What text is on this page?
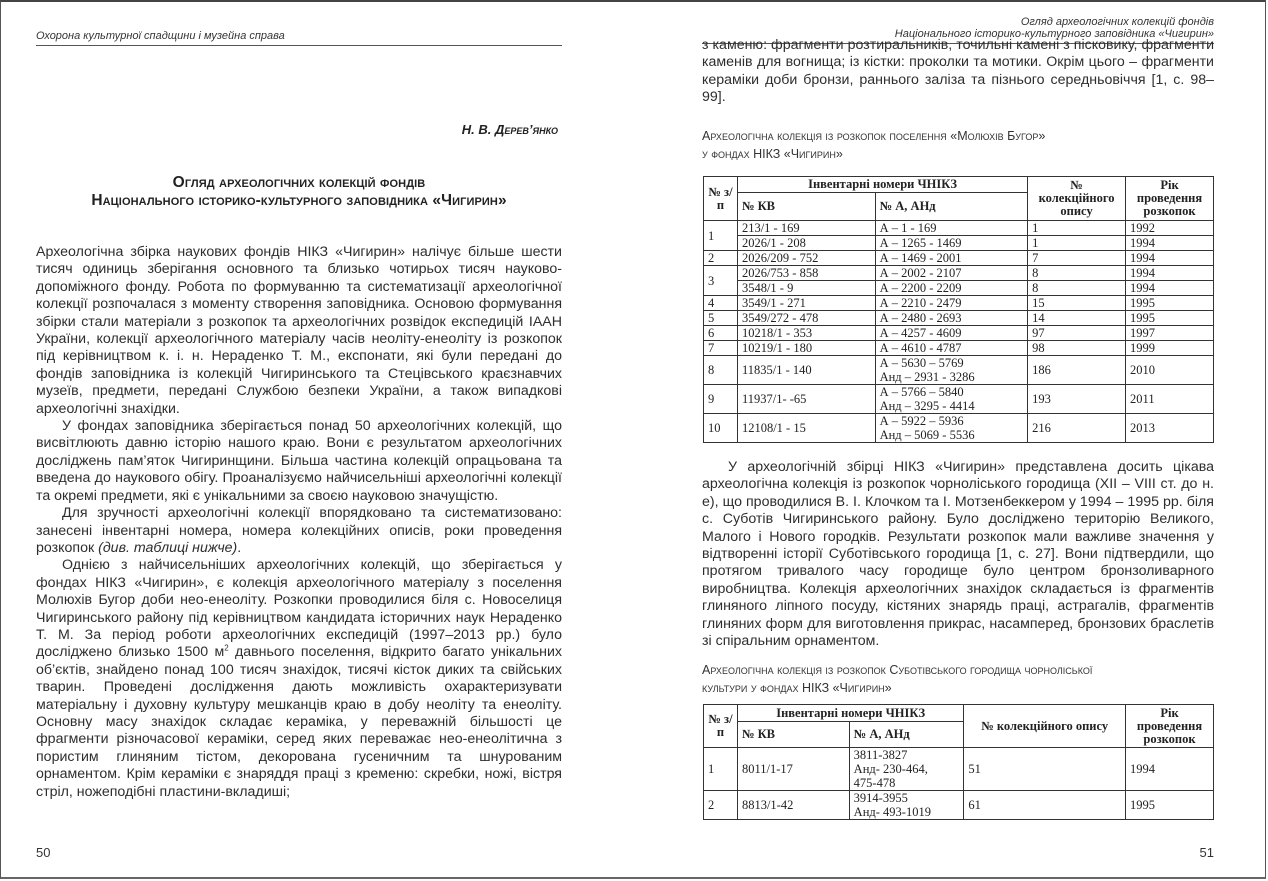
Охорона культурної спадщини і музейна справа
Н. В. Дерев’янко
Огляд археологічних колекцій фондів
Національного історико-культурного заповідника «Чигирин»

Археологічна збірка наукових фондів НІКЗ «Чигирин» налічує більше шести тисяч одиниць зберігання основного та близько чотирьох тисяч науково-допоміжного фонду. Робота по формуванню та систематизації археологічної колекції розпочалася з моменту створення заповідника. Основою формування збірки стали матеріали з розкопок та археологічних розвідок експедицій ІААН України, колекції археологічного матеріалу часів неоліту-енеоліту із розкопок під керівництвом к. і. н. Нераденко Т. М., експонати, які були передані до фондів заповідника із колекцій Чигиринського та Стецівського краєзнавчих музеїв, предмети, передані Службою безпеки України, а також випадкові археологічні знахідки.

У фондах заповідника зберігається понад 50 археологічних колекцій, що висвітлюють давню історію нашого краю. Вони є результатом археологічних досліджень пам’яток Чигиринщини. Більша частина колекцій опрацьована та введена до наукового обігу. Проаналізуємо найчисельніші археологічні колекції та окремі предмети, які є унікальними за своєю науковою значущістю.

Для зручності археологічні колекції впорядковано та систематизовано: занесені інвентарні номера, номера колекційних описів, роки проведення розкопок (див. таблиці нижче).

Однією з найчисельніших археологічних колекцій, що зберігається у фондах НІКЗ «Чигирин», є колекція археологічного матеріалу з поселення Молюхів Бугор доби нео-енеоліту. Розкопки проводилися біля с. Новоселиця Чигиринського району під керівництвом кандидата історичних наук Нераденко Т. М. За період роботи археологічних експедицій (1997–2013 рр.) було досліджено близько 1500 $м^2$ давнього поселення, відкрито багато унікальних об’єктів, знайдено понад 100 тисяч знахідок, тисячі кісток диких та свійських тварин. Проведені дослідження дають можливість охарактеризувати матеріальну і духовну культуру мешканців краю в добу неоліту та енеоліту. Основну масу знахідок складає кераміка, у переважній більшості це фрагменти різночасової кераміки, серед яких переважає нео-енеолітична з пористим глиняним тістом, декорована гусеничним та шнурованим орнаментом. Крім кераміки є знаряддя праці з кременю: скребки, ножі, вістря стріл, ножеподібні пластини-вкладиші;

50
Огляд археологічних колекцій фондів
Національного історико-культурного заповідника «Чигирин»

з каменю: фрагменти розтиральників, точильні камені з пісковику, фрагменти каменів для вогнища; із кістки: проколки та мотики. Окрім цього – фрагменти кераміки доби бронзи, раннього заліза та пізнього середньовіччя [1, с. 98–99].

Археологічна колекція із розкопок поселення «Молюхів Бугор»
у фондах НІКЗ «Чигирин»
№ з/п	Інвентарні номери ЧНІКЗ		№ колекційного опису	Рік проведення розкопок
	№ КВ	№ А, АНд		
1	213/1 - 169	А – 1 - 169	1	1992
	2026/1 - 208	А – 1265 - 1469	1	1994
2	2026/209 - 752	А – 1469 - 2001	7	1994
3	2026/753 - 858	А – 2002 - 2107	8	1994
	3548/1 - 9	А – 2200 - 2209	8	1994
4	3549/1 - 271	А – 2210 - 2479	15	1995
5	3549/272 - 478	А – 2480 - 2693	14	1995
6	10218/1 - 353	А – 4257 - 4609	97	1997
7	10219/1 - 180	А – 4610 - 4787	98	1999
8	11835/1 - 140	А – 5630 – 5769
Анд – 2931 - 3286	186	2010
9	11937/1- -65	А – 5766 – 5840
Анд – 3295 - 4414	193	2011
10	12108/1 - 15	А – 5922 – 5936
Анд – 5069 - 5536	216	2013

У археологічній збірці НІКЗ «Чигирин» представлена досить цікава археологічна колекція із розкопок чорноліського городища (XII – VIII ст. до н. е), що проводилися В. І. Клочком та І. Мотзенбеккером у 1994 – 1995 рр. біля с. Суботів Чигиринського району. Було досліджено територію Великого, Малого і Нового городків. Результати розкопок мали важливе значення у відтворенні історії Суботівського городища [1, с. 27]. Вони підтвердили, що протягом тривалого часу городище було центром бронзоливарного виробництва. Колекція археологічних знахідок складається із фрагментів глиняного ліпного посуду, кістяних знарядь праці, астрагалів, фрагментів глиняних форм для виготовлення прикрас, насамперед, бронзових браслетів зі спіральним орнаментом.

Археологічна колекція із розкопок Суботівського городища чорноліської
культури у фондах НІКЗ «Чигирин»
№ з/п	Інвентарні номери ЧНІКЗ		№ колекційного опису	Рік проведення розкопок
	№ КВ	№ А, АНд		
1	8011/1-17	3811-3827
Анд- 230-464,
475-478	51	1994
2	8813/1-42	3914-3955
Анд- 493-1019	61	1995
51
